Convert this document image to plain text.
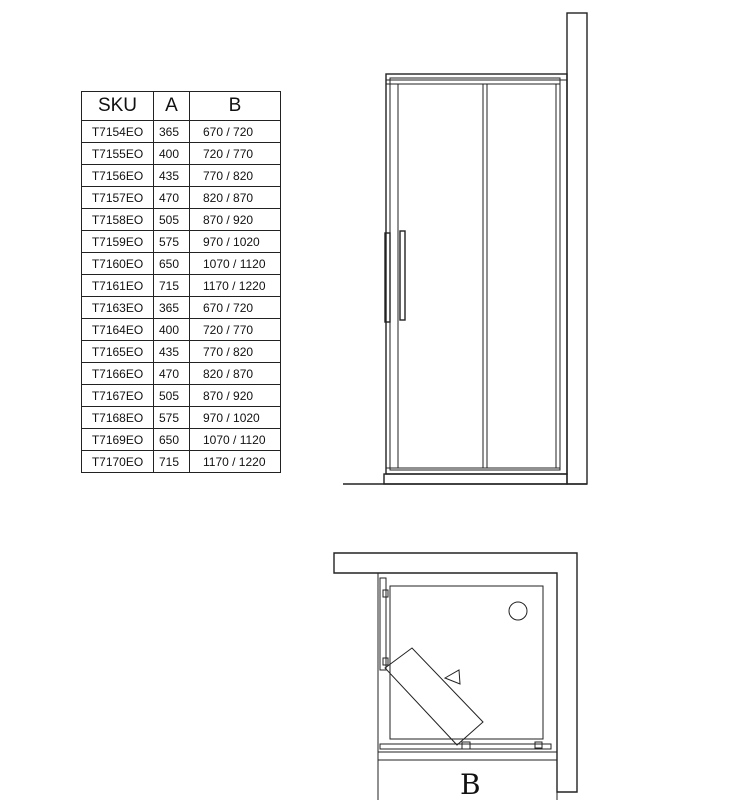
SKU	A	B
T7154EO	365	670 / 720
T7155EO	400	720 / 770
T7156EO	435	770 / 820
T7157EO	470	820 / 870
T7158EO	505	870 / 920
T7159EO	575	970 / 1020
T7160EO	650	1070 / 1120
T7161EO	715	1170 / 1220
T7163EO	365	670 / 720
T7164EO	400	720 / 770
T7165EO	435	770 / 820
T7166EO	470	820 / 870
T7167EO	505	870 / 920
T7168EO	575	970 / 1020
T7169EO	650	1070 / 1120
T7170EO	715	1170 / 1220
B
